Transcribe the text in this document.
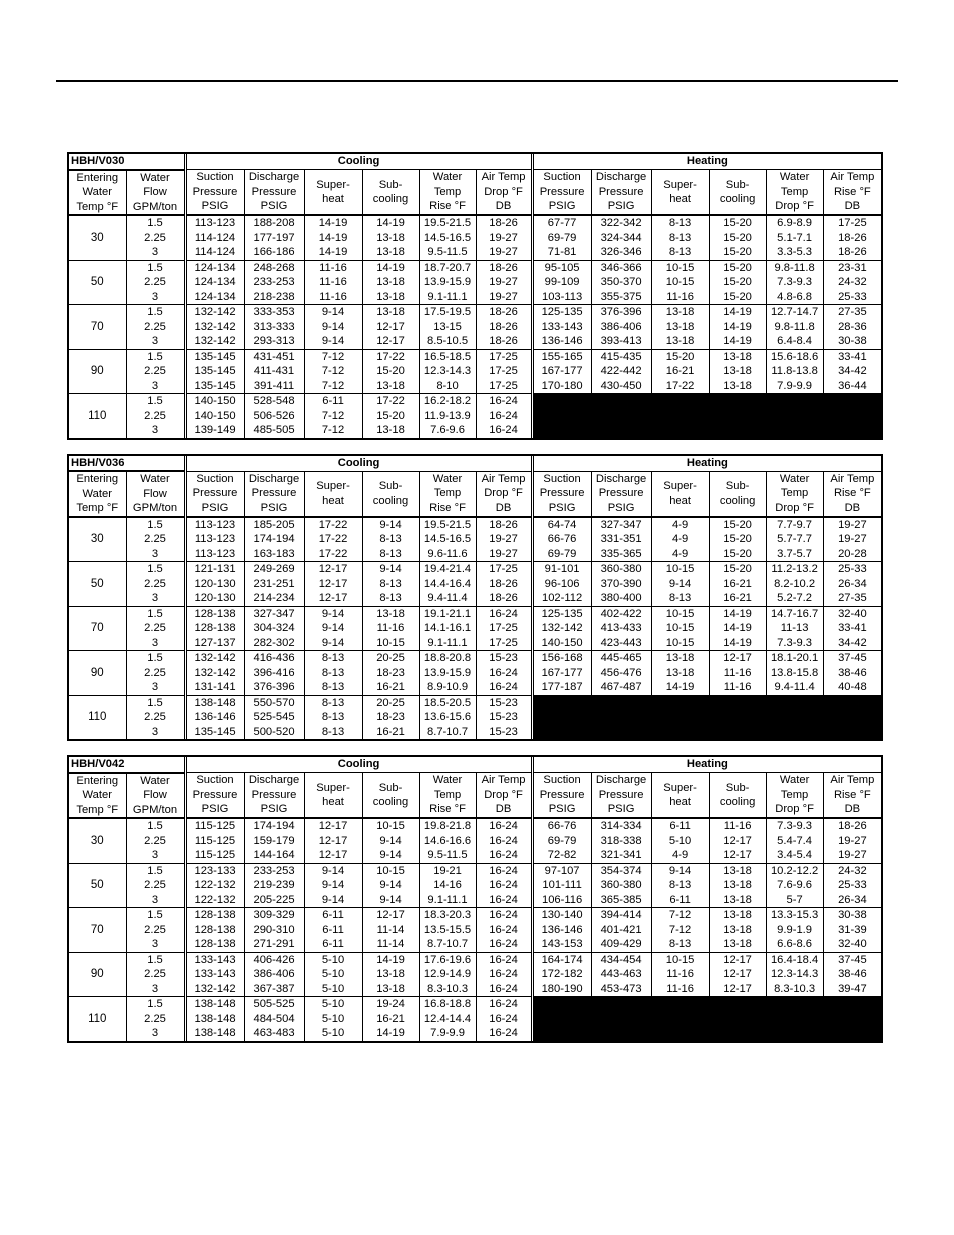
HBH/V030			Cooling							Heating					

Entering
Water
Temp °F	Water
Flow
GPM/ton		Suction
Pressure
PSIG	Discharge
Pressure
PSIG	Super-
heat	Sub-
cooling	Water
Temp
Rise °F	Air Temp
Drop °F
DB		Suction
Pressure
PSIG	Discharge
Pressure
PSIG	Super-
heat	Sub-
cooling	Water
Temp
Drop °F	Air Temp
Rise °F
DB

30	1.5		113-123	188-208	14-19	14-19	19.5-21.5	18-26		67-77	322-342	8-13	15-20	6.9-8.9	17-25
	2.25		114-124	177-197	14-19	13-18	14.5-16.5	19-27		69-79	324-344	8-13	15-20	5.1-7.1	18-26
	3		114-124	166-186	14-19	13-18	9.5-11.5	19-27		71-81	326-346	8-13	15-20	3.3-5.3	18-26
50	1.5		124-134	248-268	11-16	14-19	18.7-20.7	18-26		95-105	346-366	10-15	15-20	9.8-11.8	23-31
	2.25		124-134	233-253	11-16	13-18	13.9-15.9	19-27		99-109	350-370	10-15	15-20	7.3-9.3	24-32
	3		124-134	218-238	11-16	13-18	9.1-11.1	19-27		103-113	355-375	11-16	15-20	4.8-6.8	25-33
70	1.5		132-142	333-353	9-14	13-18	17.5-19.5	18-26		125-135	376-396	13-18	14-19	12.7-14.7	27-35
	2.25		132-142	313-333	9-14	12-17	13-15	18-26		133-143	386-406	13-18	14-19	9.8-11.8	28-36
	3		132-142	293-313	9-14	12-17	8.5-10.5	18-26		136-146	393-413	13-18	14-19	6.4-8.4	30-38
90	1.5		135-145	431-451	7-12	17-22	16.5-18.5	17-25		155-165	415-435	15-20	13-18	15.6-18.6	33-41
	2.25		135-145	411-431	7-12	15-20	12.3-14.3	17-25		167-177	422-442	16-21	13-18	11.8-13.8	34-42
	3		135-145	391-411	7-12	13-18	8-10	17-25		170-180	430-450	17-22	13-18	7.9-9.9	36-44
110	1.5		140-150	528-548	6-11	17-22	16.2-18.2	16-24							
	2.25		140-150	506-526	7-12	15-20	11.9-13.9	16-24							
	3		139-149	485-505	7-12	13-18	7.6-9.6	16-24							
HBH/V036			Cooling							Heating					

Entering
Water
Temp °F	Water
Flow
GPM/ton		Suction
Pressure
PSIG	Discharge
Pressure
PSIG	Super-
heat	Sub-
cooling	Water
Temp
Rise °F	Air Temp
Drop °F
DB		Suction
Pressure
PSIG	Discharge
Pressure
PSIG	Super-
heat	Sub-
cooling	Water
Temp
Drop °F	Air Temp
Rise °F
DB

30	1.5		113-123	185-205	17-22	9-14	19.5-21.5	18-26		64-74	327-347	4-9	15-20	7.7-9.7	19-27
	2.25		113-123	174-194	17-22	8-13	14.5-16.5	19-27		66-76	331-351	4-9	15-20	5.7-7.7	19-27
	3		113-123	163-183	17-22	8-13	9.6-11.6	19-27		69-79	335-365	4-9	15-20	3.7-5.7	20-28
50	1.5		121-131	249-269	12-17	9-14	19.4-21.4	17-25		91-101	360-380	10-15	15-20	11.2-13.2	25-33
	2.25		120-130	231-251	12-17	8-13	14.4-16.4	18-26		96-106	370-390	9-14	16-21	8.2-10.2	26-34
	3		120-130	214-234	12-17	8-13	9.4-11.4	18-26		102-112	380-400	8-13	16-21	5.2-7.2	27-35
70	1.5		128-138	327-347	9-14	13-18	19.1-21.1	16-24		125-135	402-422	10-15	14-19	14.7-16.7	32-40
	2.25		128-138	304-324	9-14	11-16	14.1-16.1	17-25		132-142	413-433	10-15	14-19	11-13	33-41
	3		127-137	282-302	9-14	10-15	9.1-11.1	17-25		140-150	423-443	10-15	14-19	7.3-9.3	34-42
90	1.5		132-142	416-436	8-13	20-25	18.8-20.8	15-23		156-168	445-465	13-18	12-17	18.1-20.1	37-45
	2.25		132-142	396-416	8-13	18-23	13.9-15.9	16-24		167-177	456-476	13-18	11-16	13.8-15.8	38-46
	3		131-141	376-396	8-13	16-21	8.9-10.9	16-24		177-187	467-487	14-19	11-16	9.4-11.4	40-48
110	1.5		138-148	550-570	8-13	20-25	18.5-20.5	15-23							
	2.25		136-146	525-545	8-13	18-23	13.6-15.6	15-23							
	3		135-145	500-520	8-13	16-21	8.7-10.7	15-23							
HBH/V042			Cooling							Heating					

Entering
Water
Temp °F	Water
Flow
GPM/ton		Suction
Pressure
PSIG	Discharge
Pressure
PSIG	Super-
heat	Sub-
cooling	Water
Temp
Rise °F	Air Temp
Drop °F
DB		Suction
Pressure
PSIG	Discharge
Pressure
PSIG	Super-
heat	Sub-
cooling	Water
Temp
Drop °F	Air Temp
Rise °F
DB

30	1.5		115-125	174-194	12-17	10-15	19.8-21.8	16-24		66-76	314-334	6-11	11-16	7.3-9.3	18-26
	2.25		115-125	159-179	12-17	9-14	14.6-16.6	16-24		69-79	318-338	5-10	12-17	5.4-7.4	19-27
	3		115-125	144-164	12-17	9-14	9.5-11.5	16-24		72-82	321-341	4-9	12-17	3.4-5.4	19-27
50	1.5		123-133	233-253	9-14	10-15	19-21	16-24		97-107	354-374	9-14	13-18	10.2-12.2	24-32
	2.25		122-132	219-239	9-14	9-14	14-16	16-24		101-111	360-380	8-13	13-18	7.6-9.6	25-33
	3		122-132	205-225	9-14	9-14	9.1-11.1	16-24		106-116	365-385	6-11	13-18	5-7	26-34
70	1.5		128-138	309-329	6-11	12-17	18.3-20.3	16-24		130-140	394-414	7-12	13-18	13.3-15.3	30-38
	2.25		128-138	290-310	6-11	11-14	13.5-15.5	16-24		136-146	401-421	7-12	13-18	9.9-1.9	31-39
	3		128-138	271-291	6-11	11-14	8.7-10.7	16-24		143-153	409-429	8-13	13-18	6.6-8.6	32-40
90	1.5		133-143	406-426	5-10	14-19	17.6-19.6	16-24		164-174	434-454	10-15	12-17	16.4-18.4	37-45
	2.25		133-143	386-406	5-10	13-18	12.9-14.9	16-24		172-182	443-463	11-16	12-17	12.3-14.3	38-46
	3		132-142	367-387	5-10	13-18	8.3-10.3	16-24		180-190	453-473	11-16	12-17	8.3-10.3	39-47
110	1.5		138-148	505-525	5-10	19-24	16.8-18.8	16-24							
	2.25		138-148	484-504	5-10	16-21	12.4-14.4	16-24							
	3		138-148	463-483	5-10	14-19	7.9-9.9	16-24							
